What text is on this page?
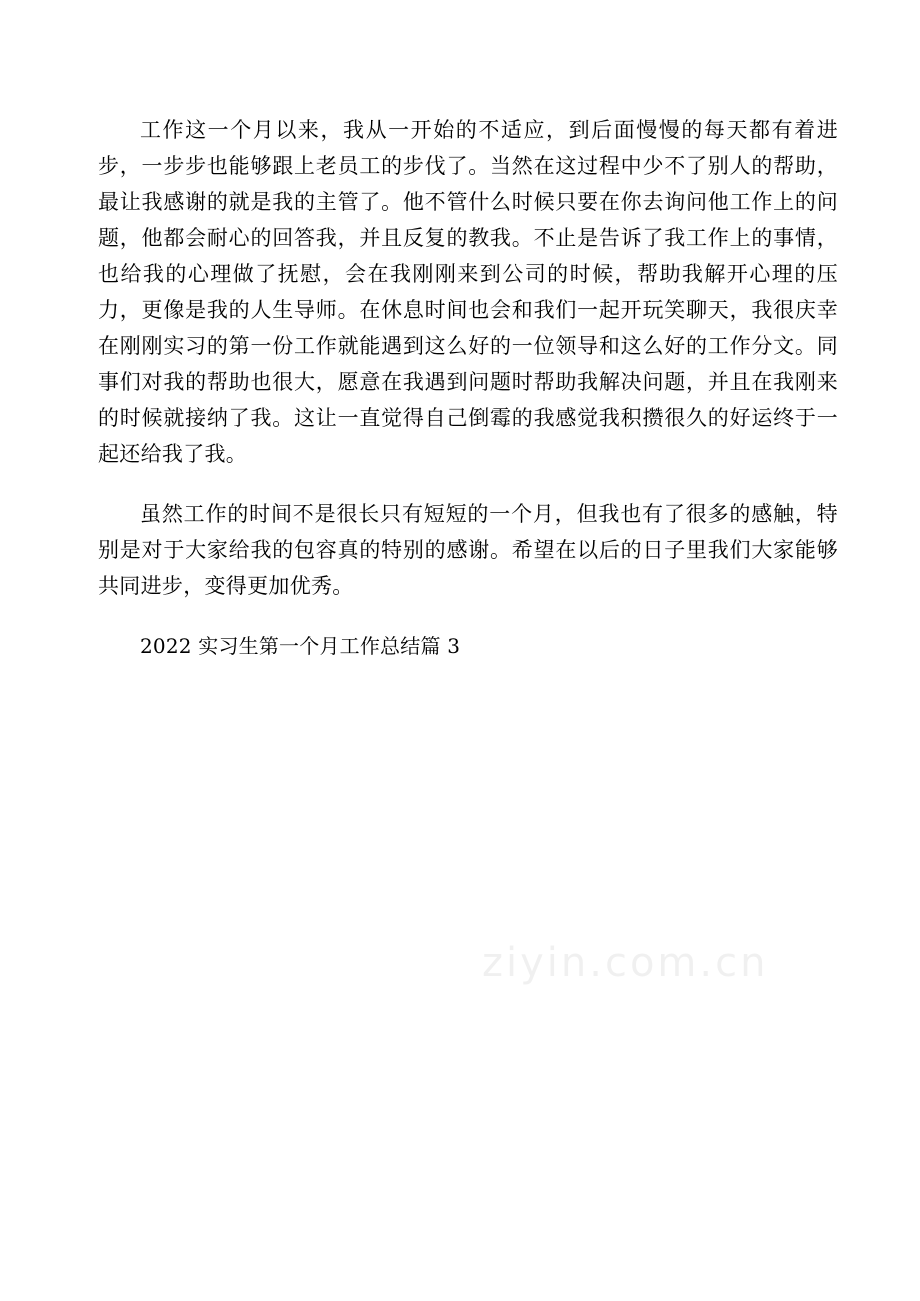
工作这一个月以来，我从一开始的不适应，到后面慢慢的每天都有着进步，一步步也能够跟上老员工的步伐了。当然在这过程中少不了别人的帮助，最让我感谢的就是我的主管了。他不管什么时候只要在你去询问他工作上的问题，他都会耐心的回答我，并且反复的教我。不止是告诉了我工作上的事情，也给我的心理做了抚慰，会在我刚刚来到公司的时候，帮助我解开心理的压力，更像是我的人生导师。在休息时间也会和我们一起开玩笑聊天，我很庆幸在刚刚实习的第一份工作就能遇到这么好的一位领导和这么好的工作分文。同事们对我的帮助也很大，愿意在我遇到问题时帮助我解决问题，并且在我刚来的时候就接纳了我。这让一直觉得自己倒霉的我感觉我积攒很久的好运终于一起还给我了我。

虽然工作的时间不是很长只有短短的一个月，但我也有了很多的感触，特别是对于大家给我的包容真的特别的感谢。希望在以后的日子里我们大家能够共同进步，变得更加优秀。

2022 实习生第一个月工作总结篇 3

ziyin.com.cn
